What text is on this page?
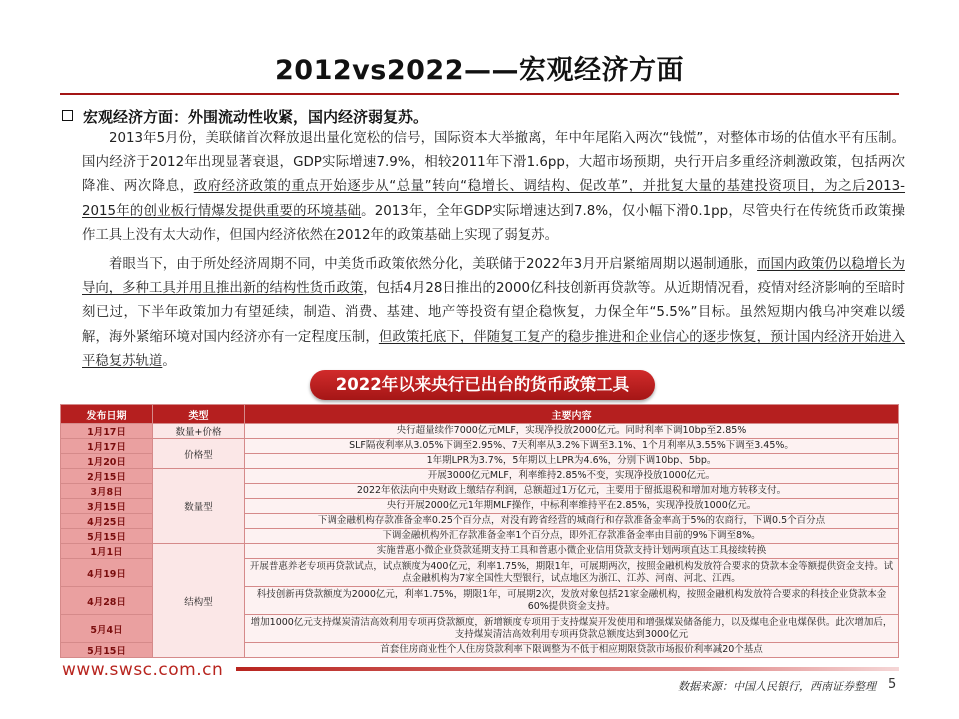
2012vs2022——宏观经济方面
宏观经济方面：外围流动性收紧，国内经济弱复苏。
2013年5月份，美联储首次释放退出量化宽松的信号，国际资本大举撤离，年中年尾陷入两次“钱慌”，对整体市场的估值水平有压制。国内经济于2012年出现显著衰退，GDP实际增速7.9%，相较2011年下滑1.6pp，大超市场预期，央行开启多重经济刺激政策，包括两次降准、两次降息，政府经济政策的重点开始逐步从“总量”转向“稳增长、调结构、促改革”，并批复大量的基建投资项目，为之后2013-2015年的创业板行情爆发提供重要的环境基础。2013年，全年GDP实际增速达到7.8%，仅小幅下滑0.1pp，尽管央行在传统货币政策操作工具上没有太大动作，但国内经济依然在2012年的政策基础上实现了弱复苏。
着眼当下，由于所处经济周期不同，中美货币政策依然分化，美联储于2022年3月开启紧缩周期以遏制通胀，而国内政策仍以稳增长为导向，多种工具并用且推出新的结构性货币政策，包括4月28日推出的2000亿科技创新再贷款等。从近期情况看，疫情对经济影响的至暗时刻已过，下半年政策加力有望延续，制造、消费、基建、地产等投资有望企稳恢复，力保全年“5.5%”目标。虽然短期内俄乌冲突难以缓解，海外紧缩环境对国内经济亦有一定程度压制，但政策托底下，伴随复工复产的稳步推进和企业信心的逐步恢复，预计国内经济开始进入平稳复苏轨道。
2022年以来央行已出台的货币政策工具
发布日期	类型	主要内容
1月17日	数量+价格	央行超量续作7000亿元MLF，实现净投放2000亿元。同时利率下调10bp至2.85%
1月17日	价格型	SLF隔夜利率从3.05%下调至2.95%、7天利率从3.2%下调至3.1%、1个月利率从3.55%下调至3.45%。
1月20日		1年期LPR为3.7%，5年期以上LPR为4.6%，分别下调10bp、5bp。
2月15日	数量型	开展3000亿元MLF，利率维持2.85%不变，实现净投放1000亿元。
3月8日		2022年依法向中央财政上缴结存利润，总额超过1万亿元，主要用于留抵退税和增加对地方转移支付。
3月15日		央行开展2000亿元1年期MLF操作，中标利率维持平在2.85%，实现净投放1000亿元。
4月25日		下调金融机构存款准备金率0.25个百分点，对没有跨省经营的城商行和存款准备金率高于5%的农商行，下调0.5个百分点
5月15日		下调金融机构外汇存款准备金率1个百分点，即外汇存款准备金率由目前的9%下调至8%。
1月1日	结构型	实施普惠小微企业贷款延期支持工具和普惠小微企业信用贷款支持计划两项直达工具接续转换
4月19日		开展普惠养老专项再贷款试点，试点额度为400亿元，利率1.75%，期限1年，可展期两次，按照金融机构发放符合要求的贷款本金等额提供资金支持。试点金融机构为7家全国性大型银行，试点地区为浙江、江苏、河南、河北、江西。
4月28日		科技创新再贷款额度为2000亿元，利率1.75%，期限1年，可展期2次，发放对象包括21家金融机构，按照金融机构发放符合要求的科技企业贷款本金60%提供资金支持。
5月4日		增加1000亿元支持煤炭清洁高效利用专项再贷款额度，新增额度专项用于支持煤炭开发使用和增强煤炭储备能力，以及煤电企业电煤保供。此次增加后，支持煤炭清洁高效利用专项再贷款总额度达到3000亿元
5月15日		首套住房商业性个人住房贷款利率下限调整为不低于相应期限贷款市场报价利率减20个基点
www.swsc.com.cn
数据来源：中国人民银行，西南证券整理 5
